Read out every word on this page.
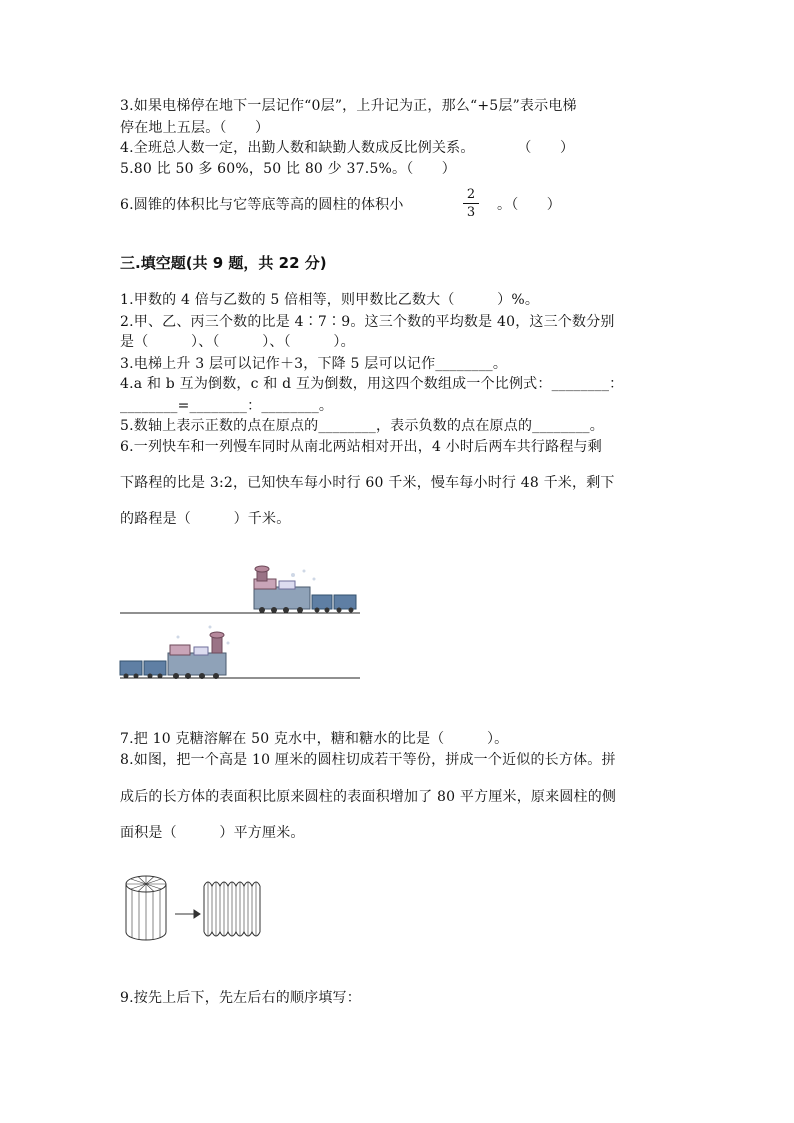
3.如果电梯停在地下一层记作“0层”，上升记为正，那么“+5层”表示电梯
停在地上五层。（　　）
4.全班总人数一定，出勤人数和缺勤人数成反比例关系。　　　　（　　）
5.80 比 50 多 60%，50 比 80 少 37.5%。（　　）
6.圆锥的体积比与它等底等高的圆柱的体积小
2
3 。（　　）
三.填空题(共 9 题，共 22 分)
1.甲数的 4 倍与乙数的 5 倍相等，则甲数比乙数大（　　　）%。
2.甲、乙、丙三个数的比是 4∶7∶9。这三个数的平均数是 40，这三个数分别
是（　　　）、（　　　）、（　　　）。
3.电梯上升 3 层可以记作＋3，下降 5 层可以记作________。
4.a 和 b 互为倒数，c 和 d 互为倒数，用这四个数组成一个比例式：________：
________=________：________。
5.数轴上表示正数的点在原点的________，表示负数的点在原点的________。
6.一列快车和一列慢车同时从南北两站相对开出，4 小时后两车共行路程与剩
下路程的比是 3:2，已知快车每小时行 60 千米，慢车每小时行 48 千米，剩下
的路程是（　　　）千米。
7.把 10 克糖溶解在 50 克水中，糖和糖水的比是（　　　）。
8.如图，把一个高是 10 厘米的圆柱切成若干等份，拼成一个近似的长方体。拼
成后的长方体的表面积比原来圆柱的表面积增加了 80 平方厘米，原来圆柱的侧
面积是（　　　）平方厘米。
9.按先上后下，先左后右的顺序填写：
